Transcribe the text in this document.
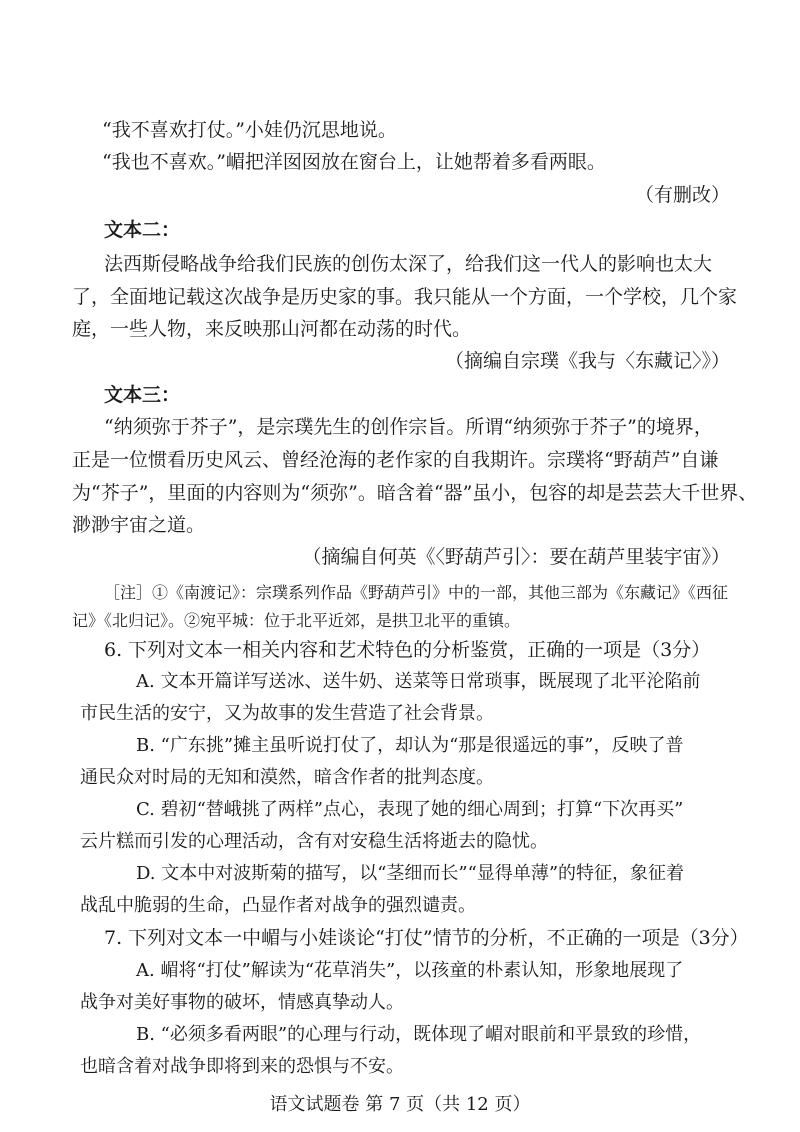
“我不喜欢打仗。”小娃仍沉思地说。
“我也不喜欢。”嵋把洋囡囡放在窗台上，让她帮着多看两眼。
（有删改）
文本二：
法西斯侵略战争给我们民族的创伤太深了，给我们这一代人的影响也太大
了，全面地记载这次战争是历史家的事。我只能从一个方面，一个学校，几个家
庭，一些人物，来反映那山河都在动荡的时代。
（摘编自宗璞《我与〈东藏记〉》）
文本三：
“纳须弥于芥子”，是宗璞先生的创作宗旨。所谓“纳须弥于芥子”的境界，
正是一位惯看历史风云、曾经沧海的老作家的自我期许。宗璞将“野葫芦”自谦
为“芥子”，里面的内容则为“须弥”。暗含着“器”虽小，包容的却是芸芸大千世界、
渺渺宇宙之道。
（摘编自何英《〈野葫芦引〉：要在葫芦里装宇宙》）
［注］①《南渡记》：宗璞系列作品《野葫芦引》中的一部，其他三部为《东藏记》《西征
记》《北归记》。②宛平城：位于北平近郊，是拱卫北平的重镇。
6. 下列对文本一相关内容和艺术特色的分析鉴赏，正确的一项是（3分）
A. 文本开篇详写送冰、送牛奶、送菜等日常琐事，既展现了北平沦陷前
市民生活的安宁，又为故事的发生营造了社会背景。
B. “广东挑”摊主虽听说打仗了，却认为“那是很遥远的事”，反映了普
通民众对时局的无知和漠然，暗含作者的批判态度。
C. 碧初“替峨挑了两样”点心，表现了她的细心周到；打算“下次再买”
云片糕而引发的心理活动，含有对安稳生活将逝去的隐忧。
D. 文本中对波斯菊的描写，以“茎细而长”“显得单薄”的特征，象征着
战乱中脆弱的生命，凸显作者对战争的强烈谴责。
7. 下列对文本一中嵋与小娃谈论“打仗”情节的分析，不正确的一项是（3分）
A. 嵋将“打仗”解读为“花草消失”，以孩童的朴素认知，形象地展现了
战争对美好事物的破坏，情感真挚动人。
B. “必须多看两眼”的心理与行动，既体现了嵋对眼前和平景致的珍惜，
也暗含着对战争即将到来的恐惧与不安。
语文试题卷 第 7 页（共 12 页）
